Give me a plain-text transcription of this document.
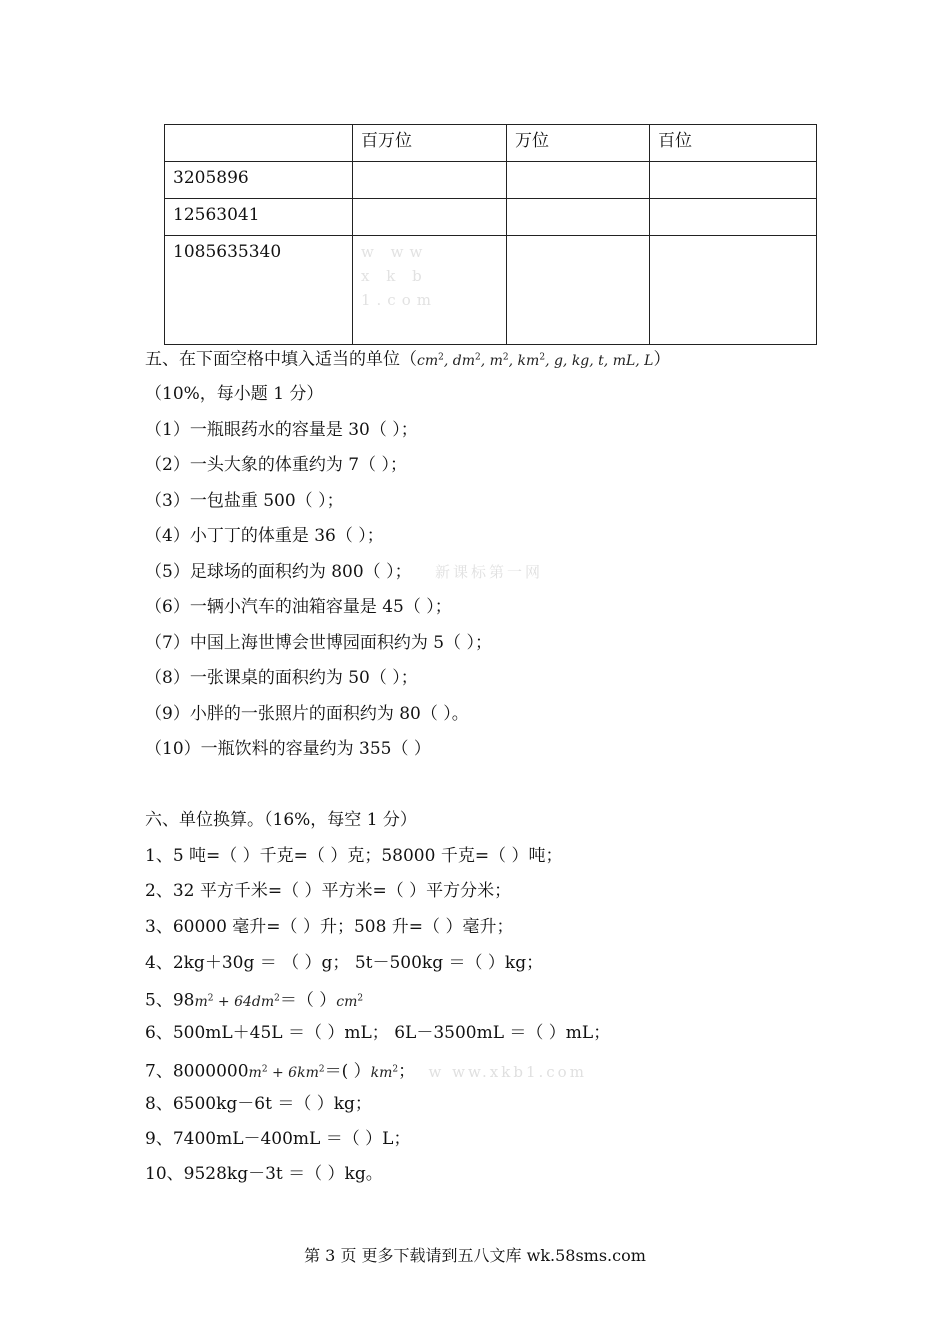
	百万位	万位	百位
3205896			
12563041			
1085635340	w ww
x k b
1.com		

五、在下面空格中填入适当的单位（$cm^2$, $dm^2$, $m^2$, $km^2$, g, kg, t, mL, L）
（10%，每小题 1 分）
（1）一瓶眼药水的容量是 30（ ）；
（2）一头大象的体重约为 7（ ）；
（3）一包盐重 500（ ）；
（4）小丁丁的体重是 36（ ）；
（5）足球场的面积约为 800（ ）； 新课标第一网
（6）一辆小汽车的油箱容量是 45（ ）；
（7）中国上海世博会世博园面积约为 5（ ）；
（8）一张课桌的面积约为 50（ ）；
（9）小胖的一张照片的面积约为 80（ ）。
（10）一瓶饮料的容量约为 355（ ）
六、单位换算。（16%，每空 1 分）
1、5 吨=（ ）千克=（ ）克；58000 千克=（ ）吨；
2、32 平方千米=（ ）平方米=（ ）平方分米；
3、60000 毫升=（ ）升；508 升=（ ）毫升；
4、2kg＋30g ＝ （ ）g； 5t－500kg ＝（ ）kg；
5、$98m^2 + 64dm^2=$（ ）$cm^2$
6、500mL＋45L ＝（ ）mL； 6L－3500mL ＝（ ）mL；
7、$8000000m^2 + 6km^2=$( ）$km^2$； w ww.xkb1.com
8、6500kg－6t ＝（ ）kg；
9、7400mL－400mL ＝（ ）L；
10、9528kg－3t ＝（ ）kg。
第 3 页 更多下载请到五八文库 wk.58sms.com
